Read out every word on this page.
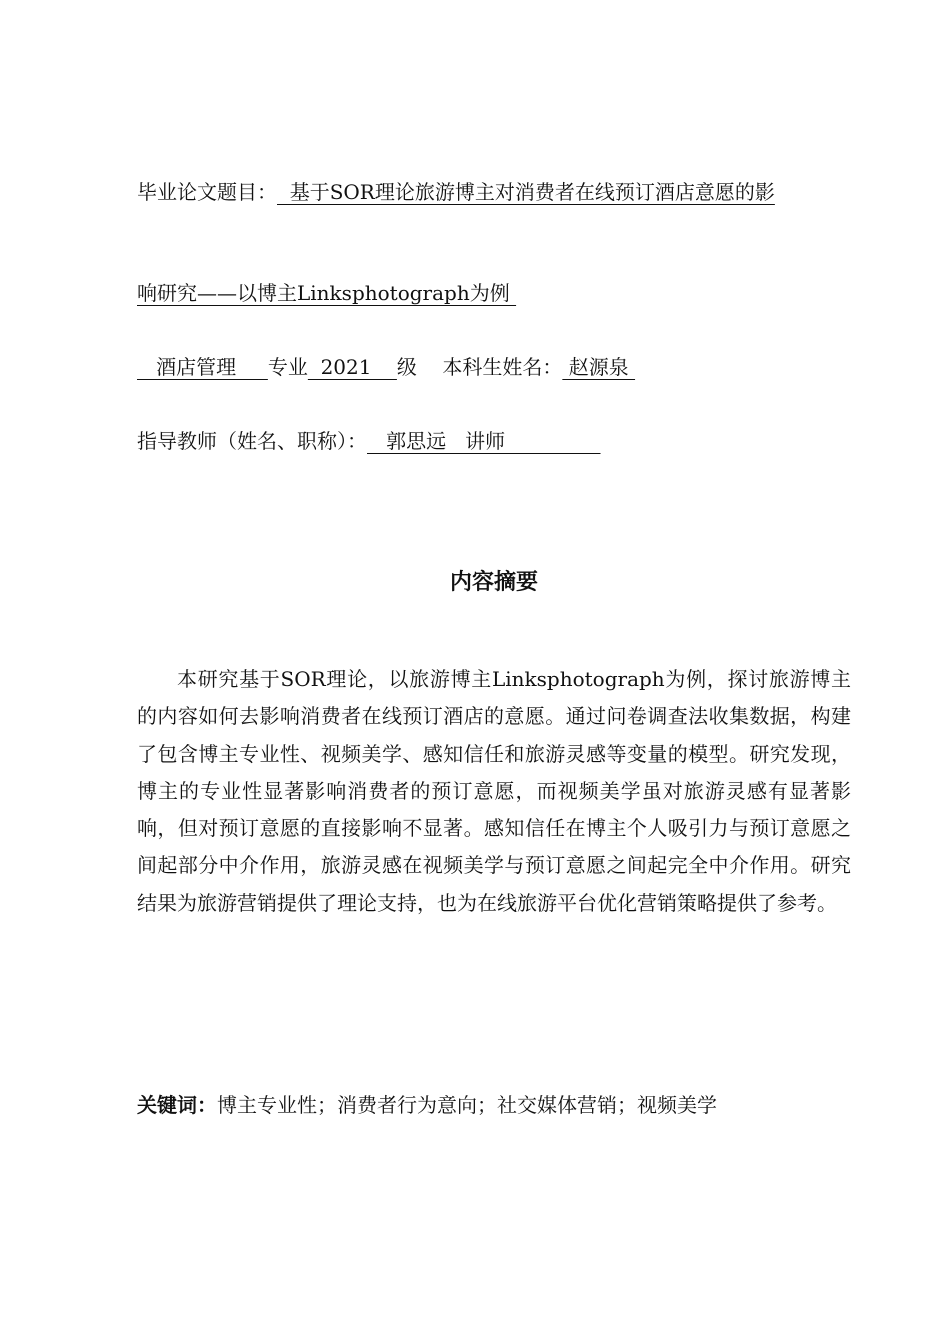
毕业论文题目：  基于SOR理论旅游博主对消费者在线预订酒店意愿的影
响研究——以博主Linksphotograph为例
酒店管理     专业  2021    级 本科生姓名： 赵源泉
指导教师（姓名、职称）：   郭思远   讲师
内容摘要

本研究基于SOR理论，以旅游博主Linksphotograph为例，探讨旅游博主的内容如何去影响消费者在线预订酒店的意愿。通过问卷调查法收集数据，构建了包含博主专业性、视频美学、感知信任和旅游灵感等变量的模型。研究发现，博主的专业性显著影响消费者的预订意愿，而视频美学虽对旅游灵感有显著影响，但对预订意愿的直接影响不显著。感知信任在博主个人吸引力与预订意愿之间起部分中介作用，旅游灵感在视频美学与预订意愿之间起完全中介作用。研究结果为旅游营销提供了理论支持，也为在线旅游平台优化营销策略提供了参考。

关键词：博主专业性；消费者行为意向；社交媒体营销；视频美学
